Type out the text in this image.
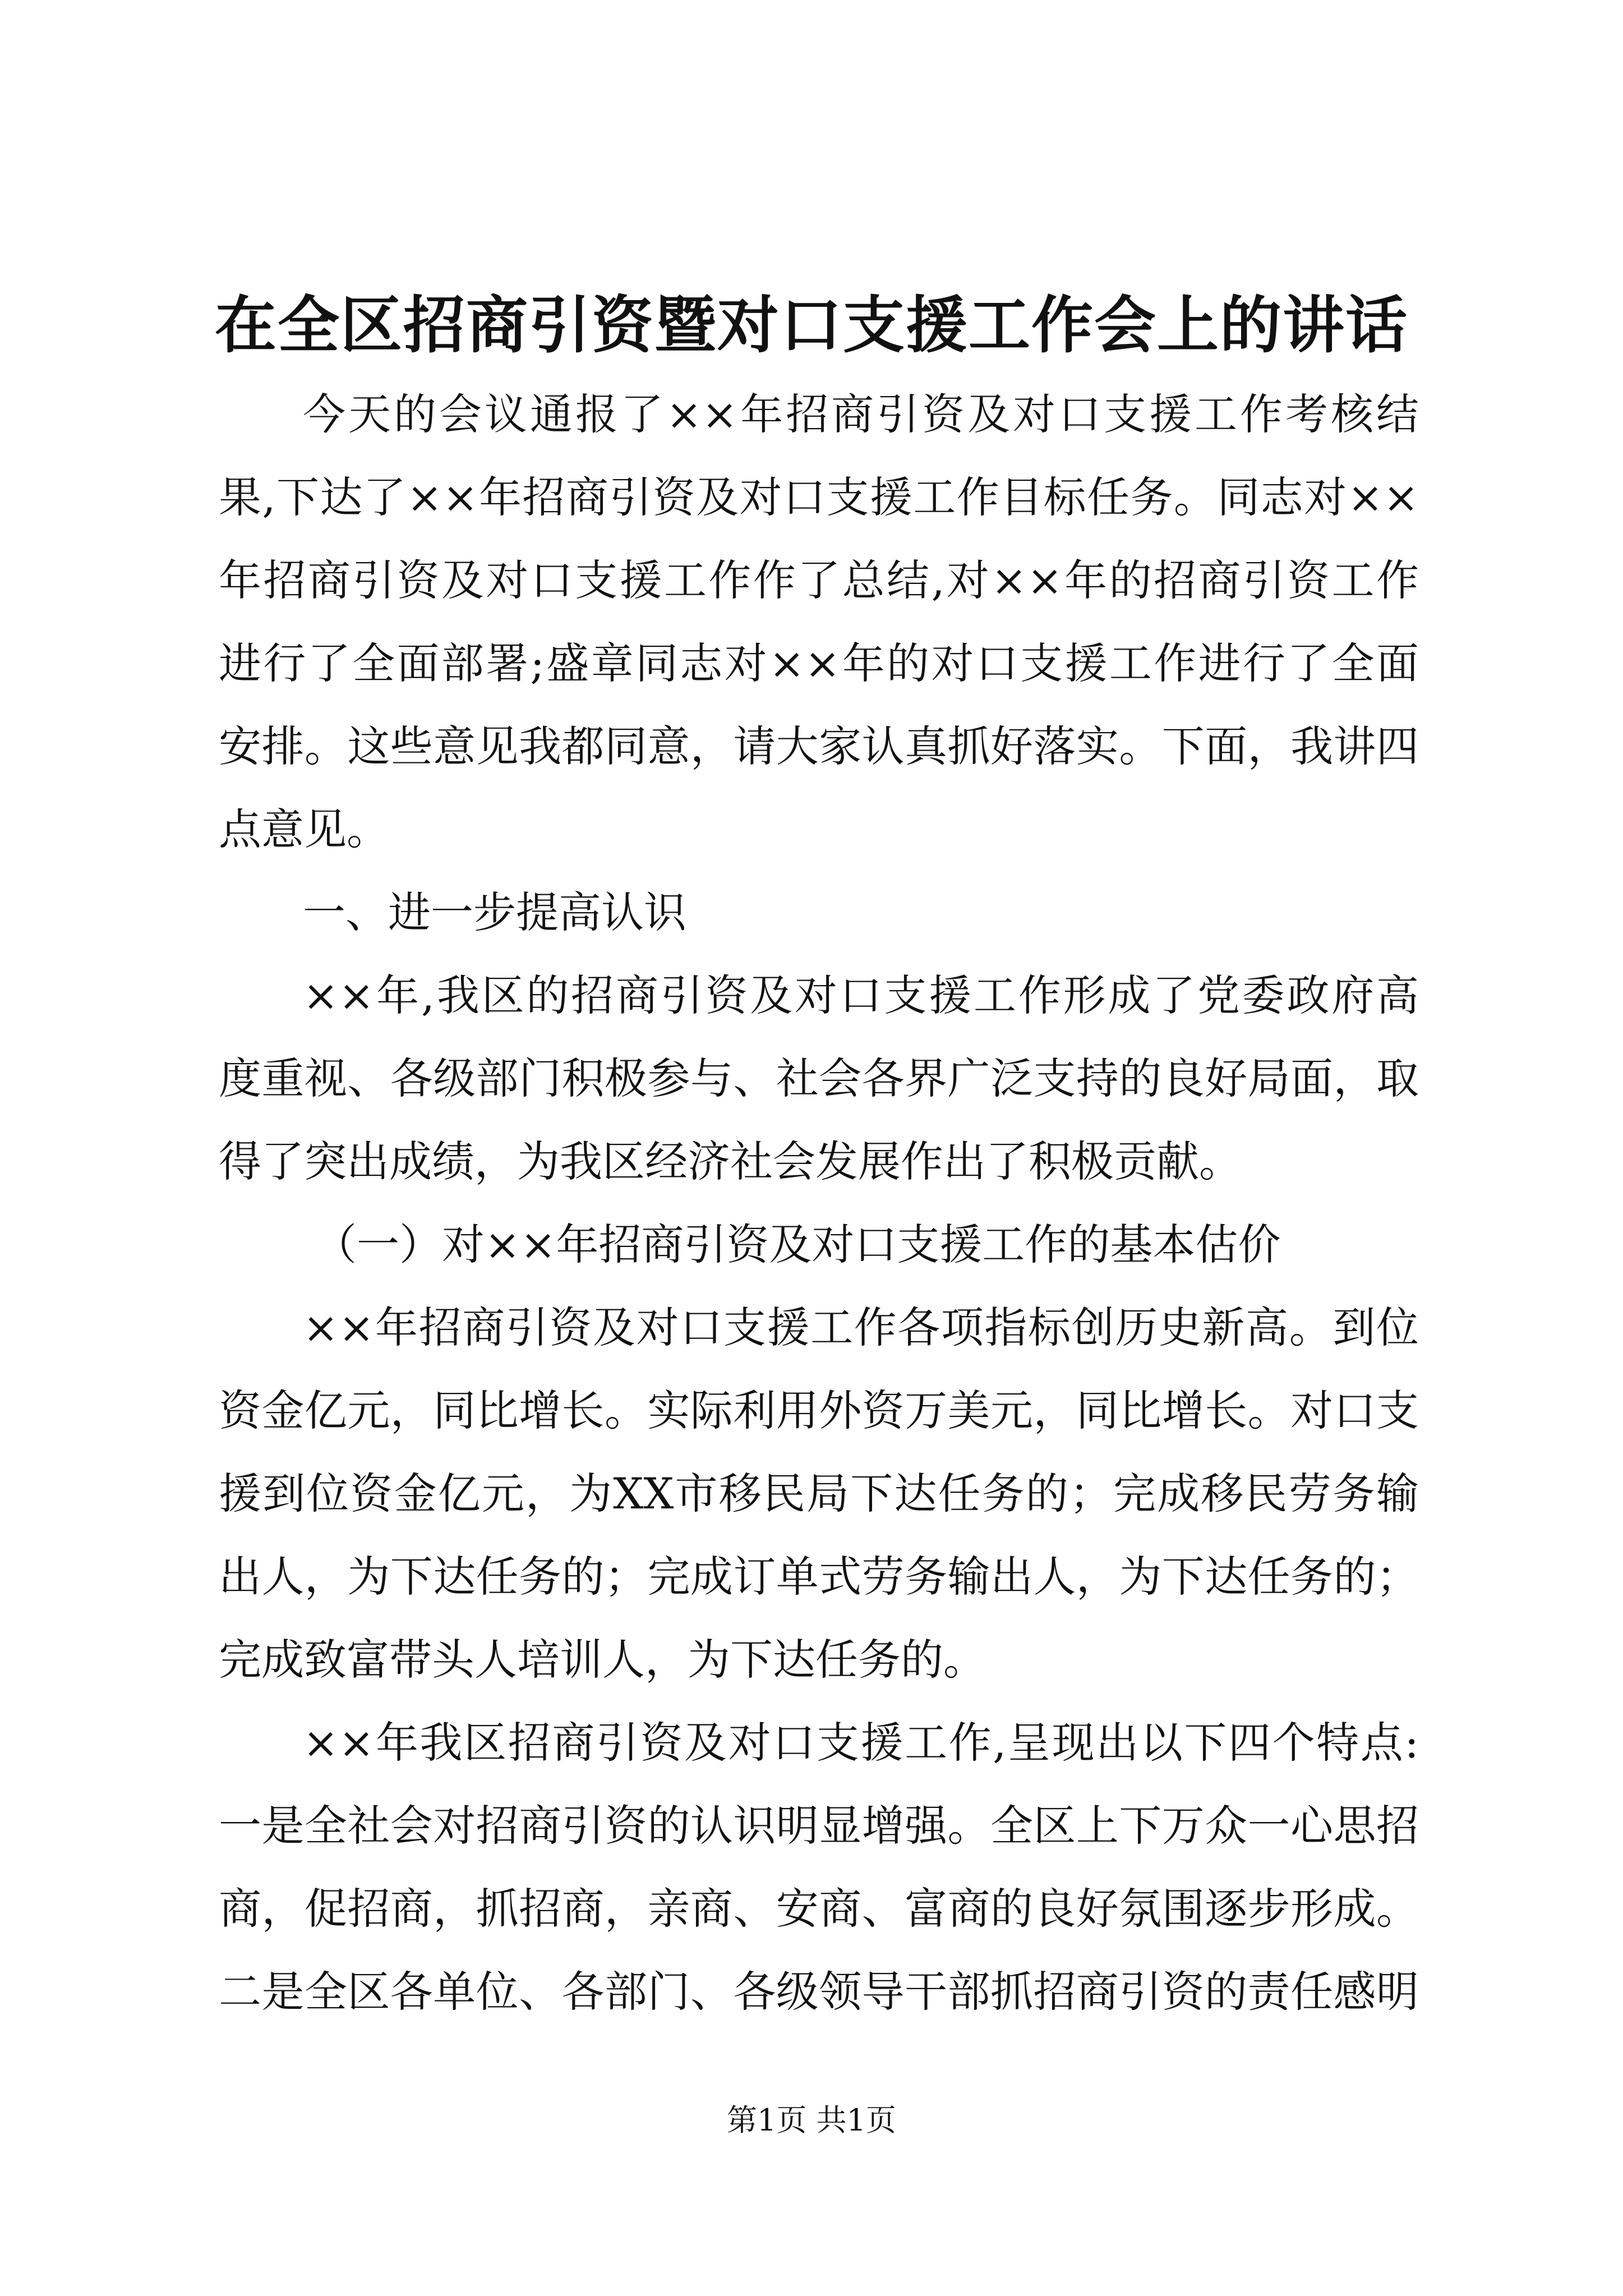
在全区招商引资暨对口支援工作会上的讲话
今天的会议通报了××年招商引资及对口支援工作考核结
果,下达了××年招商引资及对口支援工作目标任务。同志对××
年招商引资及对口支援工作作了总结,对××年的招商引资工作
进行了全面部署;盛章同志对××年的对口支援工作进行了全面
安排。这些意见我都同意，请大家认真抓好落实。下面，我讲四
点意见。
一、进一步提高认识
××年,我区的招商引资及对口支援工作形成了党委政府高
度重视、各级部门积极参与、社会各界广泛支持的良好局面，取
得了突出成绩，为我区经济社会发展作出了积极贡献。
（一）对××年招商引资及对口支援工作的基本估价
××年招商引资及对口支援工作各项指标创历史新高。到位
资金亿元，同比增长。实际利用外资万美元，同比增长。对口支
援到位资金亿元，为XX市移民局下达任务的；完成移民劳务输
出人，为下达任务的；完成订单式劳务输出人，为下达任务的；
完成致富带头人培训人，为下达任务的。
××年我区招商引资及对口支援工作,呈现出以下四个特点:
一是全社会对招商引资的认识明显增强。全区上下万众一心思招
商，促招商，抓招商，亲商、安商、富商的良好氛围逐步形成。
二是全区各单位、各部门、各级领导干部抓招商引资的责任感明
第1页 共1页
